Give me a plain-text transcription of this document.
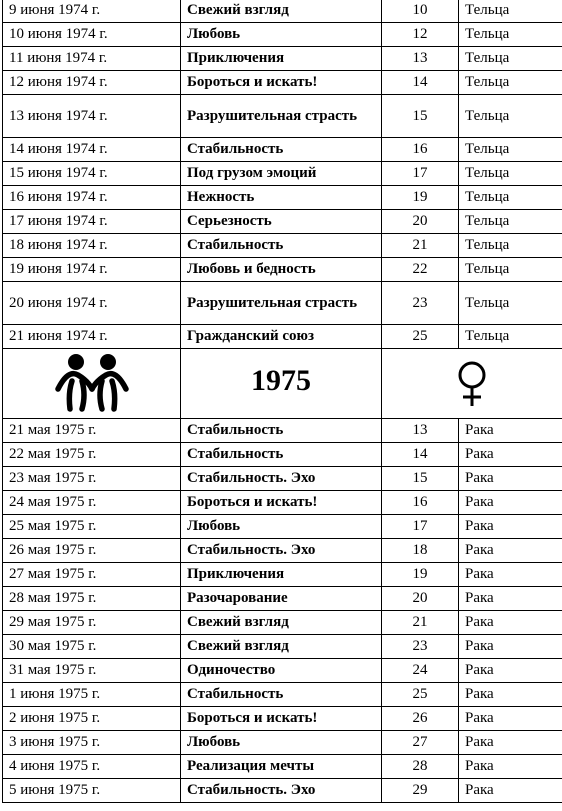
9 июня 1974 г.	Свежий взгляд	10	Тельца
10 июня 1974 г.	Любовь	12	Тельца
11 июня 1974 г.	Приключения	13	Тельца
12 июня 1974 г.	Бороться и искать!	14	Тельца
13 июня 1974 г.	Разрушительная страсть	15	Тельца
14 июня 1974 г.	Стабильность	16	Тельца
15 июня 1974 г.	Под грузом эмоций	17	Тельца
16 июня 1974 г.	Нежность	19	Тельца
17 июня 1974 г.	Серьезность	20	Тельца
18 июня 1974 г.	Стабильность	21	Тельца
19 июня 1974 г.	Любовь и бедность	22	Тельца
20 июня 1974 г.	Разрушительная страсть	23	Тельца
21 июня 1974 г.	Гражданский союз	25	Тельца
	1975	
21 мая 1975 г.	Стабильность	13	Рака
22 мая 1975 г.	Стабильность	14	Рака
23 мая 1975 г.	Стабильность. Эхо	15	Рака
24 мая 1975 г.	Бороться и искать!	16	Рака
25 мая 1975 г.	Любовь	17	Рака
26 мая 1975 г.	Стабильность. Эхо	18	Рака
27 мая 1975 г.	Приключения	19	Рака
28 мая 1975 г.	Разочарование	20	Рака
29 мая 1975 г.	Свежий взгляд	21	Рака
30 мая 1975 г.	Свежий взгляд	23	Рака
31 мая 1975 г.	Одиночество	24	Рака
1 июня 1975 г.	Стабильность	25	Рака
2 июня 1975 г.	Бороться и искать!	26	Рака
3 июня 1975 г.	Любовь	27	Рака
4 июня 1975 г.	Реализация мечты	28	Рака
5 июня 1975 г.	Стабильность. Эхо	29	Рака
